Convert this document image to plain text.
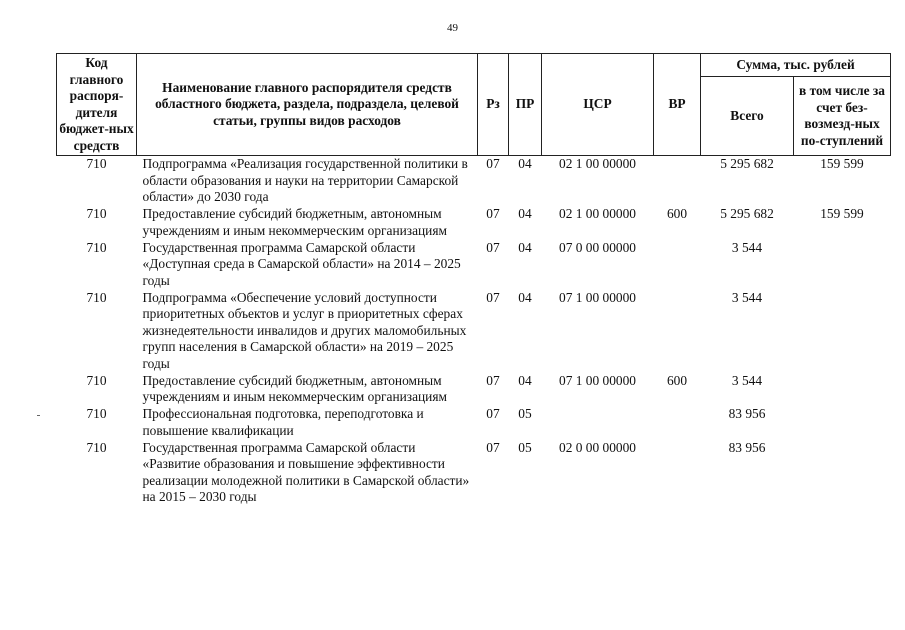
49
Код главного распоря-дителя бюджет-ных средств	Наименование главного распорядителя средств областного бюджета, раздела, подраздела, целевой статьи, группы видов расходов	Рз	ПР	ЦСР	ВР	Сумма, тыс. рублей	
						Всего	в том числе за счет без-возмезд-ных по-ступлений
710	Подпрограмма «Реализация государственной политики в области образования и науки на территории Самарской области» до 2030 года	07	04	02 1 00 00000		5 295 682	159 599
710	Предоставление субсидий бюджетным, автономным учреждениям и иным некоммерческим организациям	07	04	02 1 00 00000	600	5 295 682	159 599
710	Государственная программа Самарской области «Доступная среда в Самарской области» на 2014 – 2025 годы	07	04	07 0 00 00000		3 544	
710	Подпрограмма «Обеспечение условий доступности приоритетных объектов и услуг в приоритетных сферах жизнедеятельности инвалидов и других маломобильных групп населения в Самарской области» на 2019 – 2025 годы	07	04	07 1 00 00000		3 544	
710	Предоставление субсидий бюджетным, автономным учреждениям и иным некоммерческим организациям	07	04	07 1 00 00000	600	3 544	
710	Профессиональная подготовка, переподготовка и повышение квалификации	07	05			83 956	
710	Государственная программа Самарской области «Развитие образования и повышение эффективности реализации молодежной политики в Самарской области» на 2015 – 2030 годы	07	05	02 0 00 00000		83 956	
